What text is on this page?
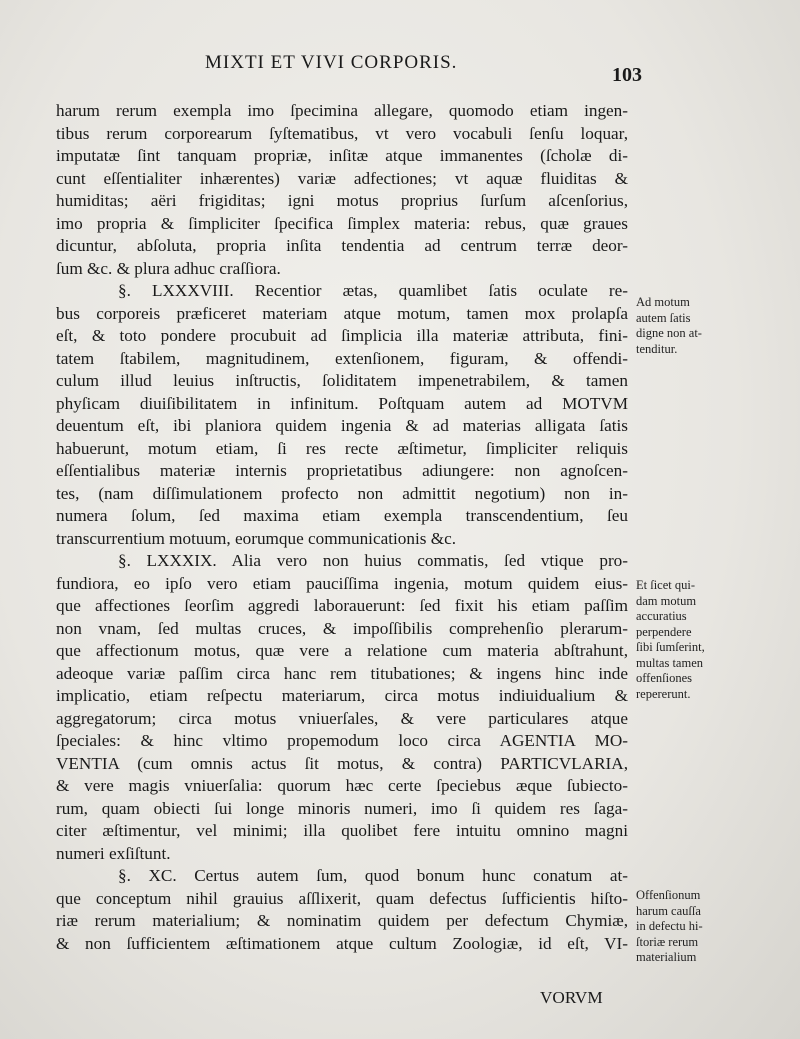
MIXTI ET VIVI CORPORIS.
103
harum rerum exempla imo ſpecimina allegare, quomodo etiam ingen-
tibus rerum corporearum ſyſtematibus, vt vero vocabuli ſenſu loquar,
imputatæ ſint tanquam propriæ, inſitæ atque immanentes (ſcholæ di-
cunt eſſentialiter inhærentes) variæ adfectiones; vt aquæ fluiditas &
humiditas; aëri frigiditas; igni motus proprius ſurſum aſcenſorius,
imo propria & ſimpliciter ſpecifica ſimplex materia: rebus, quæ graues
dicuntur, abſoluta, propria inſita tendentia ad centrum terræ deor-
ſum &c. & plura adhuc craſſiora.
§. LXXXVIII. Recentior ætas, quamlibet ſatis oculate re-
bus corporeis præficeret materiam atque motum, tamen mox prolapſa
eſt, & toto pondere procubuit ad ſimplicia illa materiæ attributa, fini-
tatem ſtabilem, magnitudinem, extenſionem, figuram, & offendi-
culum illud leuius inſtructis, ſoliditatem impenetrabilem, & tamen
phyſicam diuiſibilitatem in infinitum. Poſtquam autem ad MOTVM
deuentum eſt, ibi planiora quidem ingenia & ad materias alligata ſatis
habuerunt, motum etiam, ſi res recte æſtimetur, ſimpliciter reliquis
eſſentialibus materiæ internis proprietatibus adiungere: non agnoſcen-
tes, (nam diſſimulationem profecto non admittit negotium) non in-
numera ſolum, ſed maxima etiam exempla transcendentium, ſeu
transcurrentium motuum, eorumque communicationis &c.
§. LXXXIX. Alia vero non huius commatis, ſed vtique pro-
fundiora, eo ipſo vero etiam pauciſſima ingenia, motum quidem eius-
que affectiones ſeorſim aggredi laborauerunt: ſed fixit his etiam paſſim
non vnam, ſed multas cruces, & impoſſibilis comprehenſio plerarum-
que affectionum motus, quæ vere a relatione cum materia abſtrahunt,
adeoque variæ paſſim circa hanc rem titubationes; & ingens hinc inde
implicatio, etiam reſpectu materiarum, circa motus indiuidualium &
aggregatorum; circa motus vniuerſales, & vere particulares atque
ſpeciales: & hinc vltimo propemodum loco circa AGENTIA MO-
VENTIA (cum omnis actus ſit motus, & contra) PARTICVLARIA,
& vere magis vniuerſalia: quorum hæc certe ſpeciebus æque ſubiecto-
rum, quam obiecti ſui longe minoris numeri, imo ſi quidem res ſaga-
citer æſtimentur, vel minimi; illa quolibet fere intuitu omnino magni
numeri exſiſtunt.
§. XC. Certus autem ſum, quod bonum hunc conatum at-
que conceptum nihil grauius aſſlixerit, quam defectus ſufficientis hiſto-
riæ rerum materialium; & nominatim quidem per defectum Chymiæ,
& non ſufficientem æſtimationem atque cultum Zoologiæ, id eſt, VI-
VORVM
Ad motum
autem ſatis
digne non at-
tenditur.
Et ſicet qui-
dam motum
accuratius
perpendere
ſibi ſumſerint,
multas tamen
offenſiones
repererunt.
Offenſionum
harum cauſſa
in defectu hi-
ſtoriæ rerum
materialium
